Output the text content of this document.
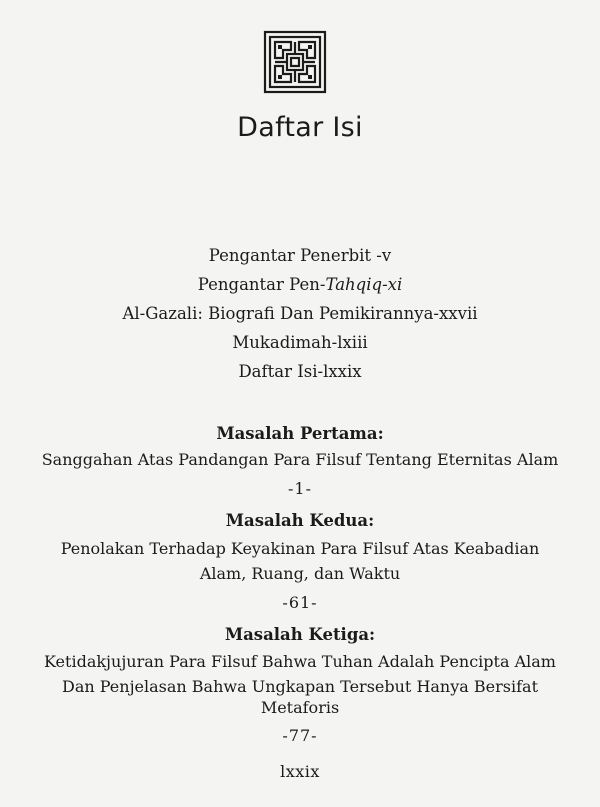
Daftar Isi
Pengantar Penerbit -v
Pengantar Pen-Tahqiq-xi
Al-Gazali: Biografi Dan Pemikirannya-xxvii
Mukadimah-lxiii
Daftar Isi-lxxix
Masalah Pertama:
Sanggahan Atas Pandangan Para Filsuf Tentang Eternitas Alam
-1-
Masalah Kedua:
Penolakan Terhadap Keyakinan Para Filsuf Atas Keabadian
Alam, Ruang, dan Waktu
-61-
Masalah Ketiga:
Ketidakjujuran Para Filsuf Bahwa Tuhan Adalah Pencipta Alam
Dan Penjelasan Bahwa Ungkapan Tersebut Hanya Bersifat
Metaforis
-77-
lxxix
